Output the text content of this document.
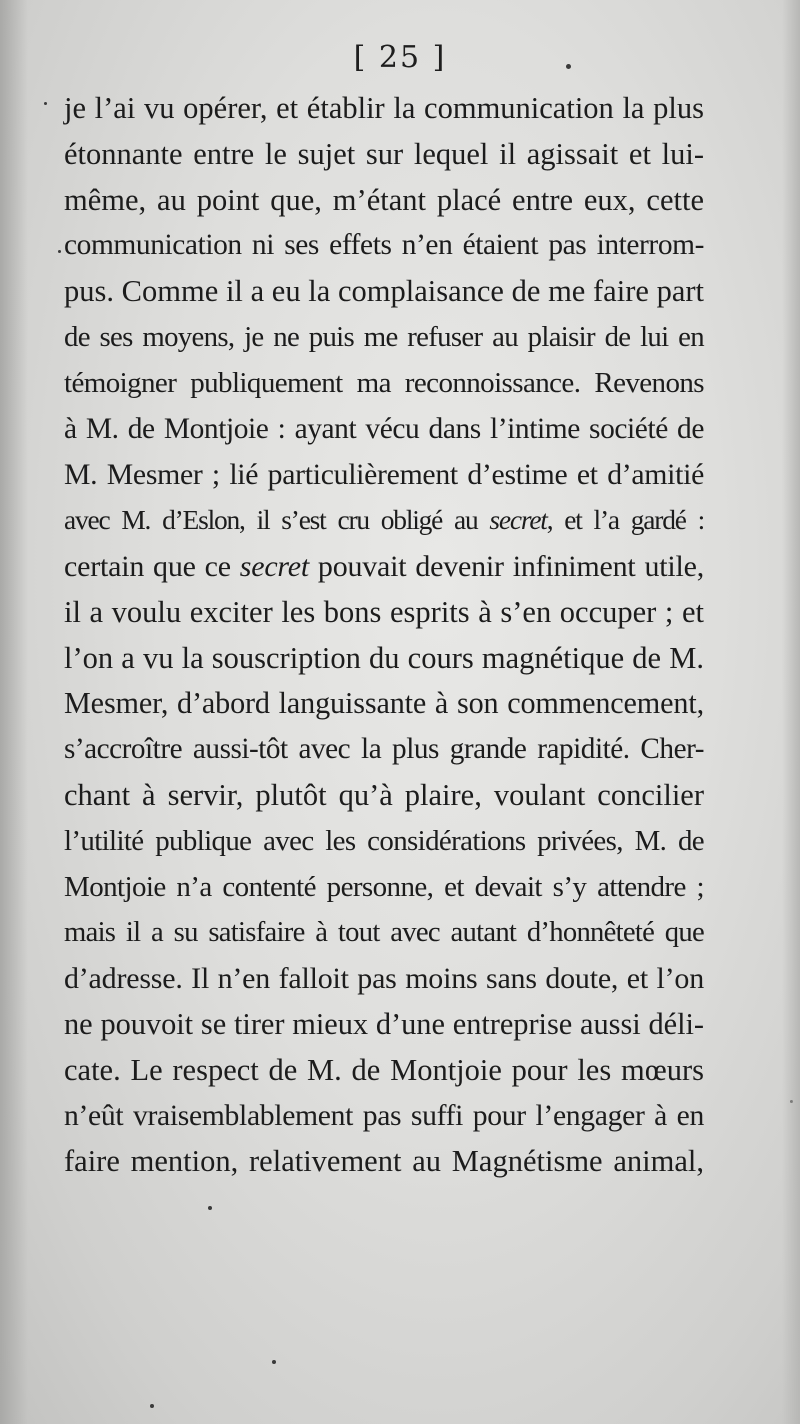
[ 25 ]
je l’ai vu opérer, et établir la communication la plus
étonnante entre le sujet sur lequel il agissait et lui-
même, au point que, m’étant placé entre eux, cette
communication ni ses effets n’en étaient pas interrom-
pus. Comme il a eu la complaisance de me faire part
de ses moyens, je ne puis me refuser au plaisir de lui en
témoigner publiquement ma reconnoissance. Revenons
à M. de Montjoie : ayant vécu dans l’intime société de
M. Mesmer ; lié particulièrement d’estime et d’amitié
avec M. d’Eslon, il s’est cru obligé au secret, et l’a gardé :
certain que ce secret pouvait devenir infiniment utile,
il a voulu exciter les bons esprits à s’en occuper ; et
l’on a vu la souscription du cours magnétique de M.
Mesmer, d’abord languissante à son commencement,
s’accroître aussi-tôt avec la plus grande rapidité. Cher-
chant à servir, plutôt qu’à plaire, voulant concilier
l’utilité publique avec les considérations privées, M. de
Montjoie n’a contenté personne, et devait s’y attendre ;
mais il a su satisfaire à tout avec autant d’honnêteté que
d’adresse. Il n’en falloit pas moins sans doute, et l’on
ne pouvoit se tirer mieux d’une entreprise aussi déli-
cate. Le respect de M. de Montjoie pour les mœurs
n’eût vraisemblablement pas suffi pour l’engager à en
faire mention, relativement au Magnétisme animal,
